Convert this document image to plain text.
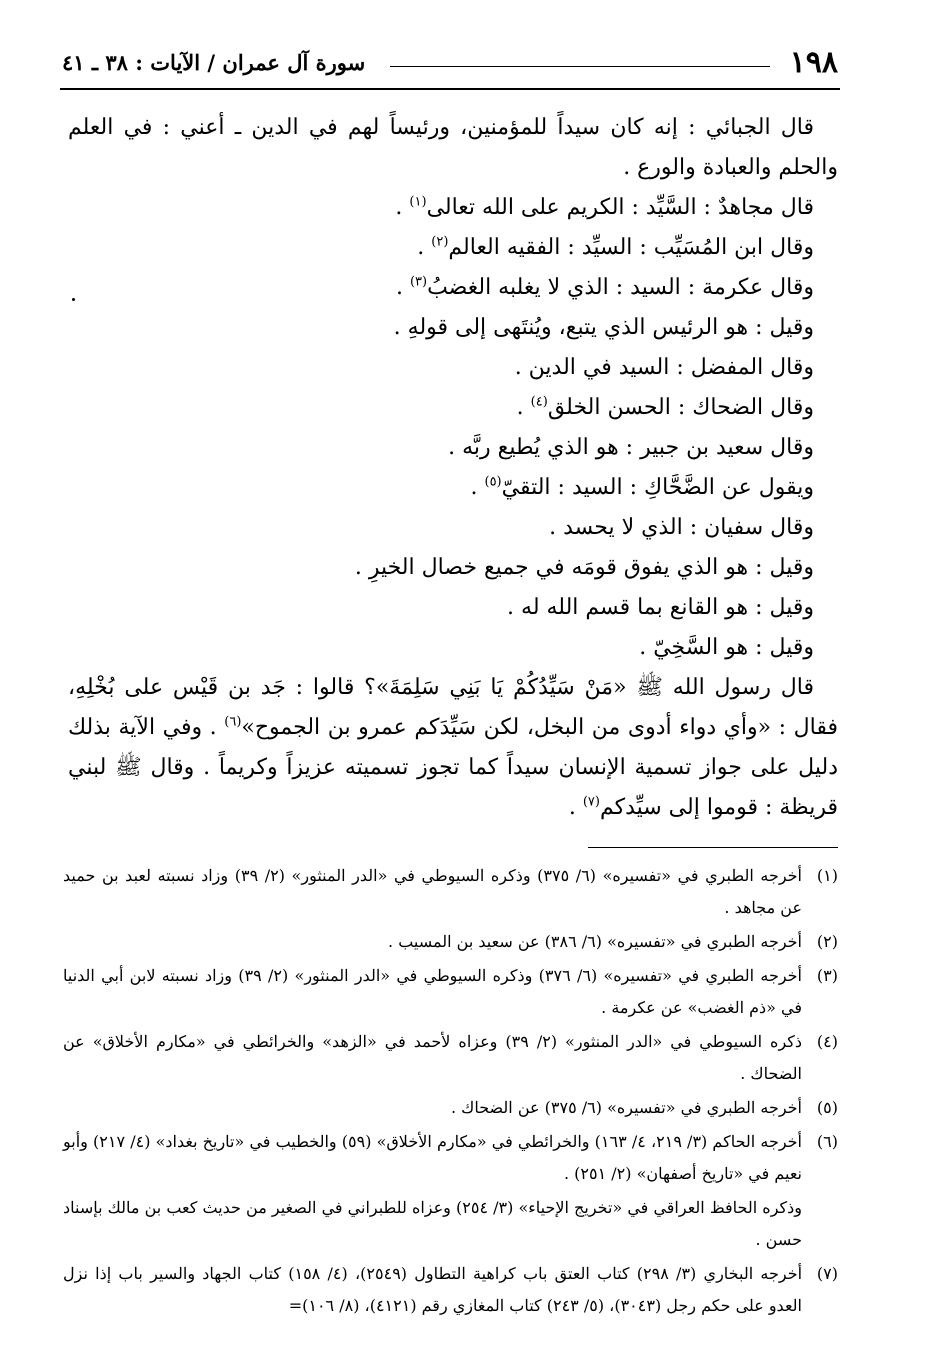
١٩٨
سورة آل عمران / الآيات : ٣٨ ـ ٤١

قال الجبائي : إنه كان سيداً للمؤمنين، ورئيساً لهم في الدين ـ أعني : في العلم والحلم والعبادة والورع .

قال مجاهدٌ : السَّيِّد : الكريم على الله تعالى$^{(١)}$ .
وقال ابن المُسَيِّب : السيِّد : الفقيه العالم$^{(٢)}$ .
وقال عكرمة : السيد : الذي لا يغلبه الغضبُ$^{(٣)}$ .
وقيل : هو الرئيس الذي يتبع، ويُنتَهى إلى قولهِ .
وقال المفضل : السيد في الدين .
وقال الضحاك : الحسن الخلق$^{(٤)}$ .
وقال سعيد بن جبير : هو الذي يُطيع ربَّه .
ويقول عن الضَّحَّاكِ : السيد : التقيّ$^{(٥)}$ .
وقال سفيان : الذي لا يحسد .
وقيل : هو الذي يفوق قومَه في جميع خصال الخيرِ .
وقيل : هو القانع بما قسم الله له .
وقيل : هو السَّخِيّ .

قال رسول الله ﷺ «مَنْ سَيِّدُكُمْ يَا بَنِي سَلِمَةَ»؟ قالوا : جَد بن قَيْس على بُخْلِهِ، فقال : «وأي دواء أدوى من البخل، لكن سَيِّدَكم عمرو بن الجموح»$^{(٦)}$ . وفي الآية بذلك دليل على جواز تسمية الإنسان سيداً كما تجوز تسميته عزيزاً وكريماً . وقال ﷺ لبني قريظة : قوموا إلى سيِّدكم$^{(٧)}$ .

(١)
أخرجه الطبري في «تفسيره» (٦/ ٣٧٥) وذكره السيوطي في «الدر المنثور» (٢/ ٣٩) وزاد نسبته لعبد بن حميد عن مجاهد .
(٢)
أخرجه الطبري في «تفسيره» (٦/ ٣٨٦) عن سعيد بن المسيب .
(٣)
أخرجه الطبري في «تفسيره» (٦/ ٣٧٦) وذكره السيوطي في «الدر المنثور» (٢/ ٣٩) وزاد نسبته لابن أبي الدنيا في «ذم الغضب» عن عكرمة .
(٤)
ذكره السيوطي في «الدر المنثور» (٢/ ٣٩) وعزاه لأحمد في «الزهد» والخرائطي في «مكارم الأخلاق» عن الضحاك .
(٥)
أخرجه الطبري في «تفسيره» (٦/ ٣٧٥) عن الضحاك .
(٦)
أخرجه الحاكم (٣/ ٢١٩، ٤/ ١٦٣) والخرائطي في «مكارم الأخلاق» (٥٩) والخطيب في «تاريخ بغداد» (٤/ ٢١٧) وأبو نعيم في «تاريخ أصفهان» (٢/ ٢٥١) .
وذكره الحافظ العراقي في «تخريج الإحياء» (٣/ ٢٥٤) وعزاه للطبراني في الصغير من حديث كعب بن مالك بإسناد حسن .
(٧)
أخرجه البخاري (٣/ ٢٩٨) كتاب العتق باب كراهية التطاول (٢٥٤٩)، (٤/ ١٥٨) كتاب الجهاد والسير باب إذا نزل العدو على حكم رجل (٣٠٤٣)، (٥/ ٢٤٣) كتاب المغازي رقم (٤١٢١)، (٨/ ١٠٦)=
